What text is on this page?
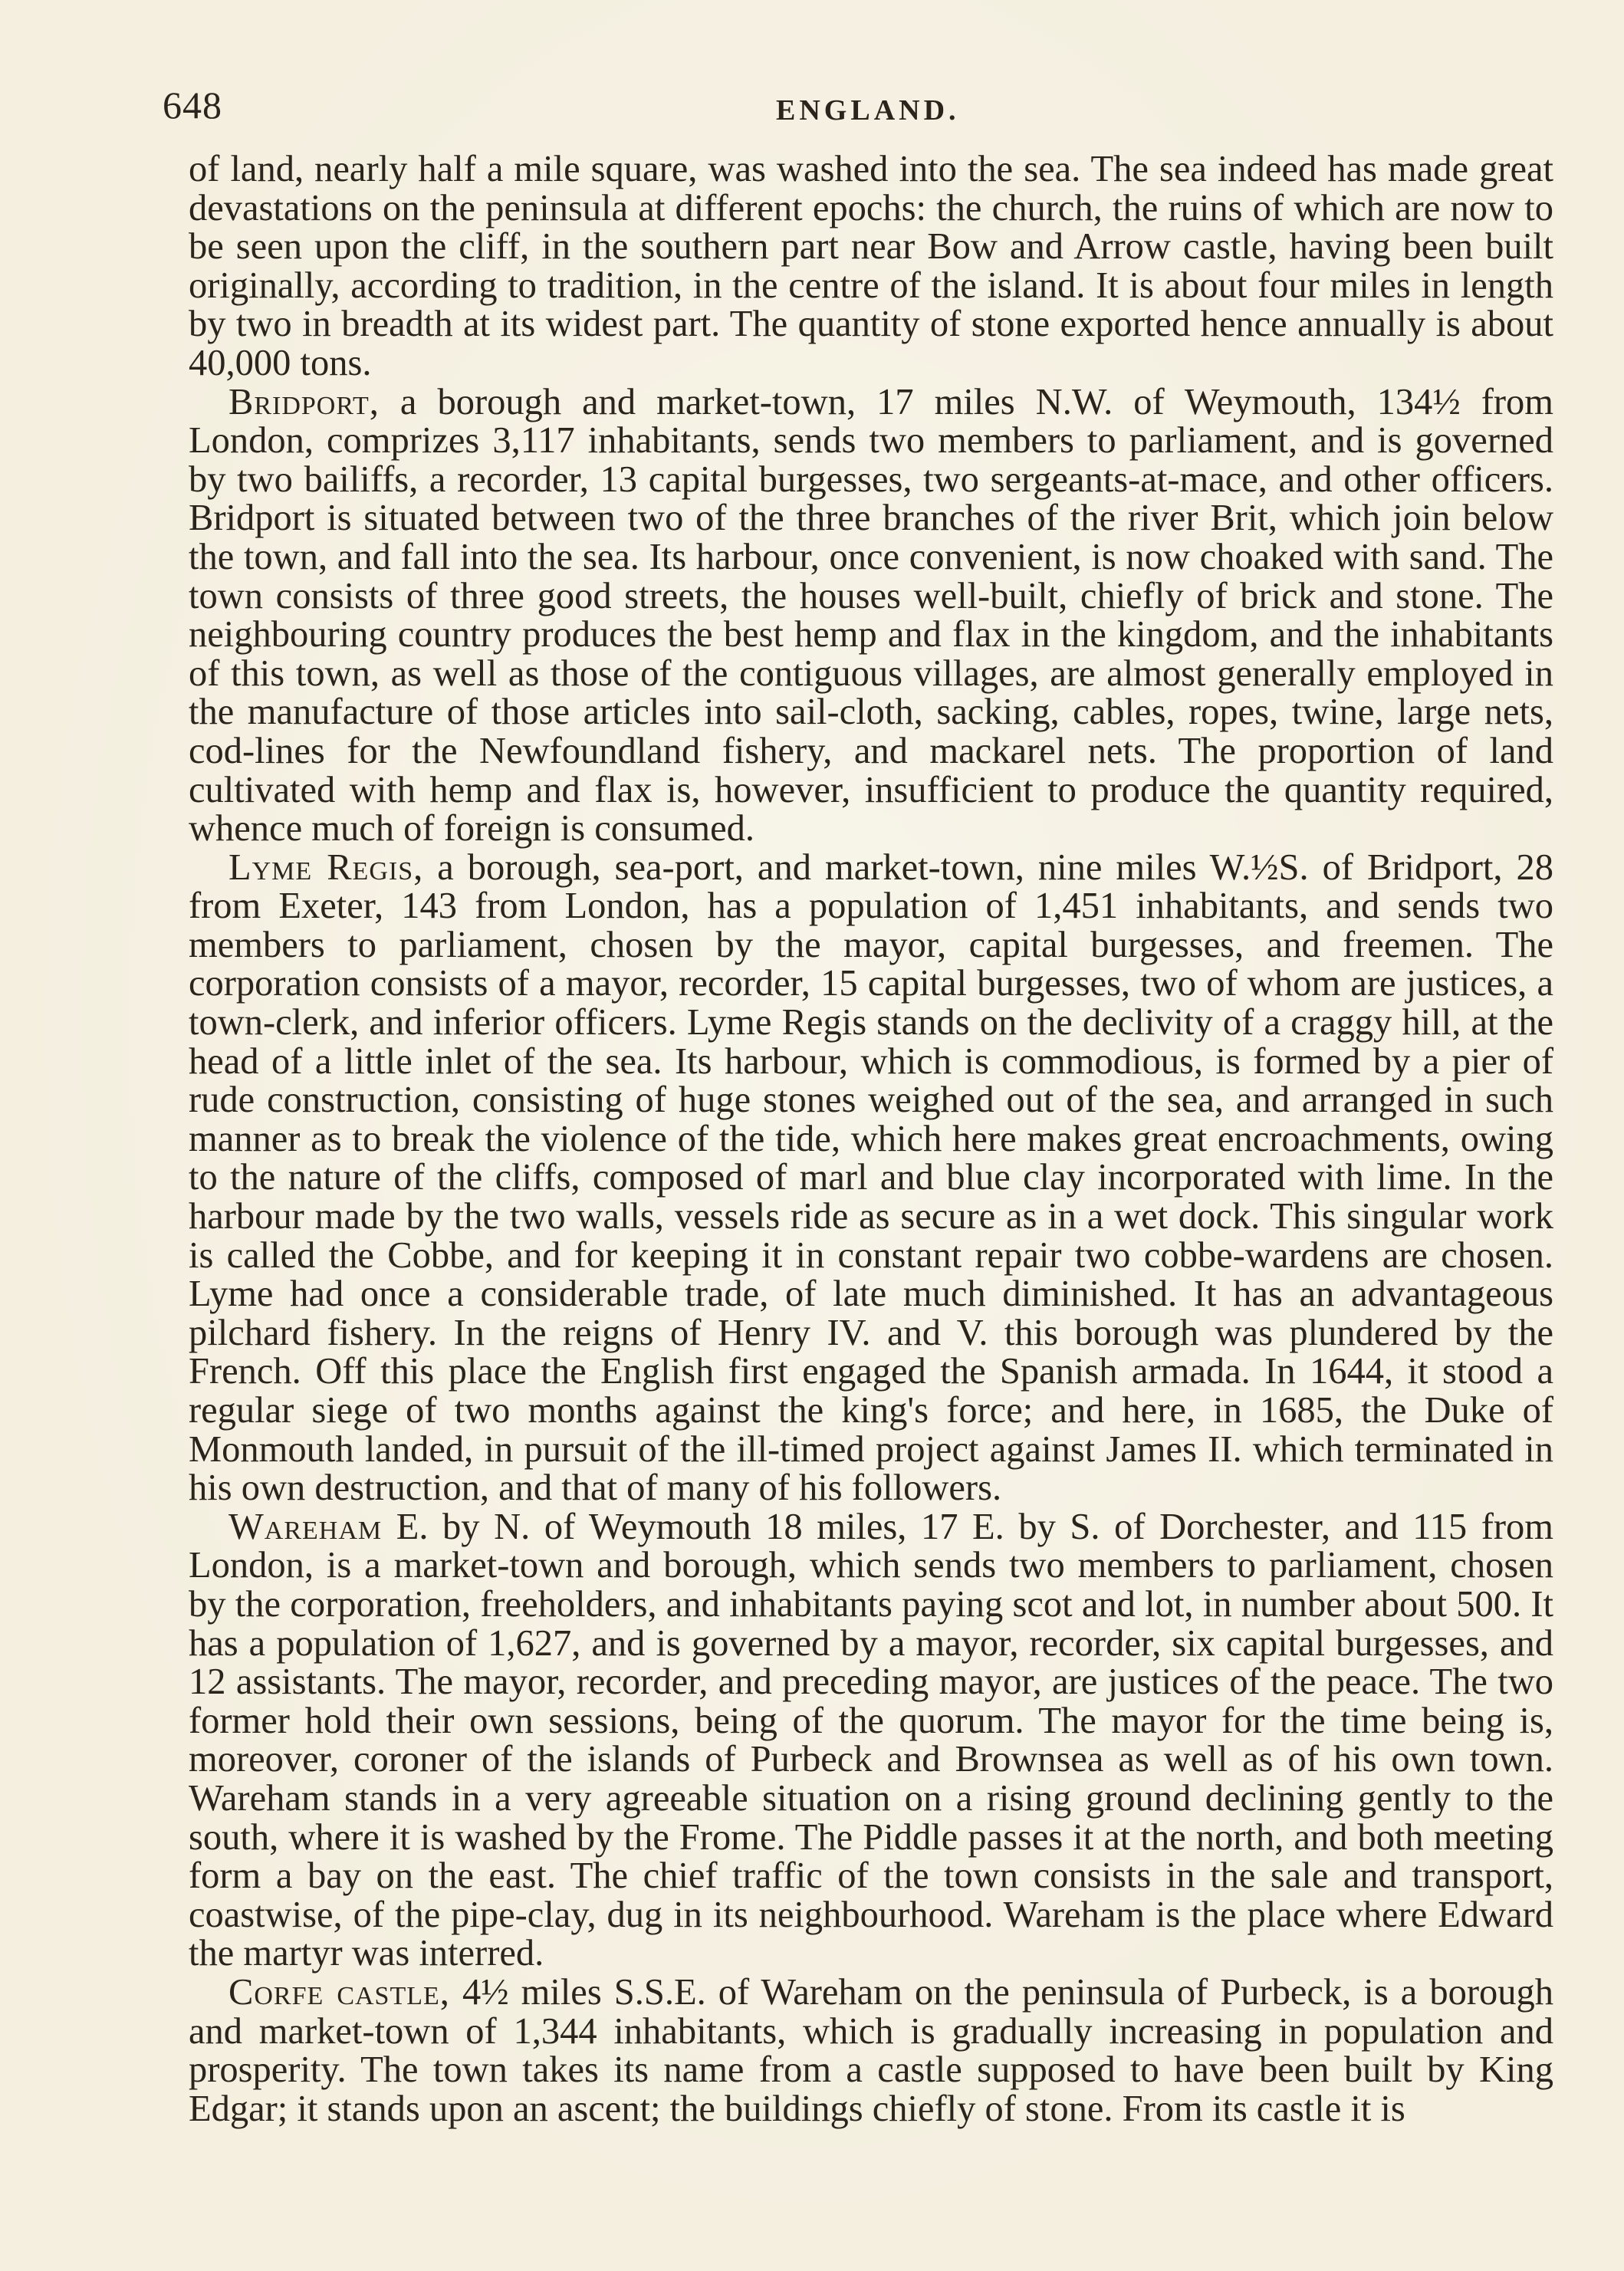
648	ENGLAND.

of land, nearly half a mile square, was washed into the sea. The sea indeed has made great devastations on the peninsula at different epochs: the church, the ruins of which are now to be seen upon the cliff, in the southern part near Bow and Arrow castle, having been built originally, according to tradition, in the centre of the island. It is about four miles in length by two in breadth at its widest part. The quantity of stone exported hence annually is about 40,000 tons.

Bridport, a borough and market-town, 17 miles N.W. of Weymouth, 134½ from London, comprizes 3,117 inhabitants, sends two members to parliament, and is governed by two bailiffs, a recorder, 13 capital burgesses, two sergeants-at-mace, and other officers. Bridport is situated between two of the three branches of the river Brit, which join below the town, and fall into the sea. Its harbour, once convenient, is now choaked with sand. The town consists of three good streets, the houses well-built, chiefly of brick and stone. The neighbouring country produces the best hemp and flax in the kingdom, and the inhabitants of this town, as well as those of the contiguous villages, are almost generally employed in the manufacture of those articles into sail-cloth, sacking, cables, ropes, twine, large nets, cod-lines for the Newfoundland fishery, and mackarel nets. The proportion of land cultivated with hemp and flax is, however, insufficient to produce the quantity required, whence much of foreign is consumed.

Lyme Regis, a borough, sea-port, and market-town, nine miles W.½S. of Bridport, 28 from Exeter, 143 from London, has a population of 1,451 inhabitants, and sends two members to parliament, chosen by the mayor, capital burgesses, and freemen. The corporation consists of a mayor, recorder, 15 capital burgesses, two of whom are justices, a town-clerk, and inferior officers. Lyme Regis stands on the declivity of a craggy hill, at the head of a little inlet of the sea. Its harbour, which is commodious, is formed by a pier of rude construction, consisting of huge stones weighed out of the sea, and arranged in such manner as to break the violence of the tide, which here makes great encroachments, owing to the nature of the cliffs, composed of marl and blue clay incorporated with lime. In the harbour made by the two walls, vessels ride as secure as in a wet dock. This singular work is called the Cobbe, and for keeping it in constant repair two cobbe-wardens are chosen. Lyme had once a considerable trade, of late much diminished. It has an advantageous pilchard fishery. In the reigns of Henry IV. and V. this borough was plundered by the French. Off this place the English first engaged the Spanish armada. In 1644, it stood a regular siege of two months against the king's force; and here, in 1685, the Duke of Monmouth landed, in pursuit of the ill-timed project against James II. which terminated in his own destruction, and that of many of his followers.

Wareham E. by N. of Weymouth 18 miles, 17 E. by S. of Dorchester, and 115 from London, is a market-town and borough, which sends two members to parliament, chosen by the corporation, freeholders, and inhabitants paying scot and lot, in number about 500. It has a population of 1,627, and is governed by a mayor, recorder, six capital burgesses, and 12 assistants. The mayor, recorder, and preceding mayor, are justices of the peace. The two former hold their own sessions, being of the quorum. The mayor for the time being is, moreover, coroner of the islands of Purbeck and Brownsea as well as of his own town. Wareham stands in a very agreeable situation on a rising ground declining gently to the south, where it is washed by the Frome. The Piddle passes it at the north, and both meeting form a bay on the east. The chief traffic of the town consists in the sale and transport, coastwise, of the pipe-clay, dug in its neighbourhood. Wareham is the place where Edward the martyr was interred.

Corfe castle, 4½ miles S.S.E. of Wareham on the peninsula of Purbeck, is a borough and market-town of 1,344 inhabitants, which is gradually increasing in population and prosperity. The town takes its name from a castle supposed to have been built by King Edgar; it stands upon an ascent; the buildings chiefly of stone. From its castle it is
